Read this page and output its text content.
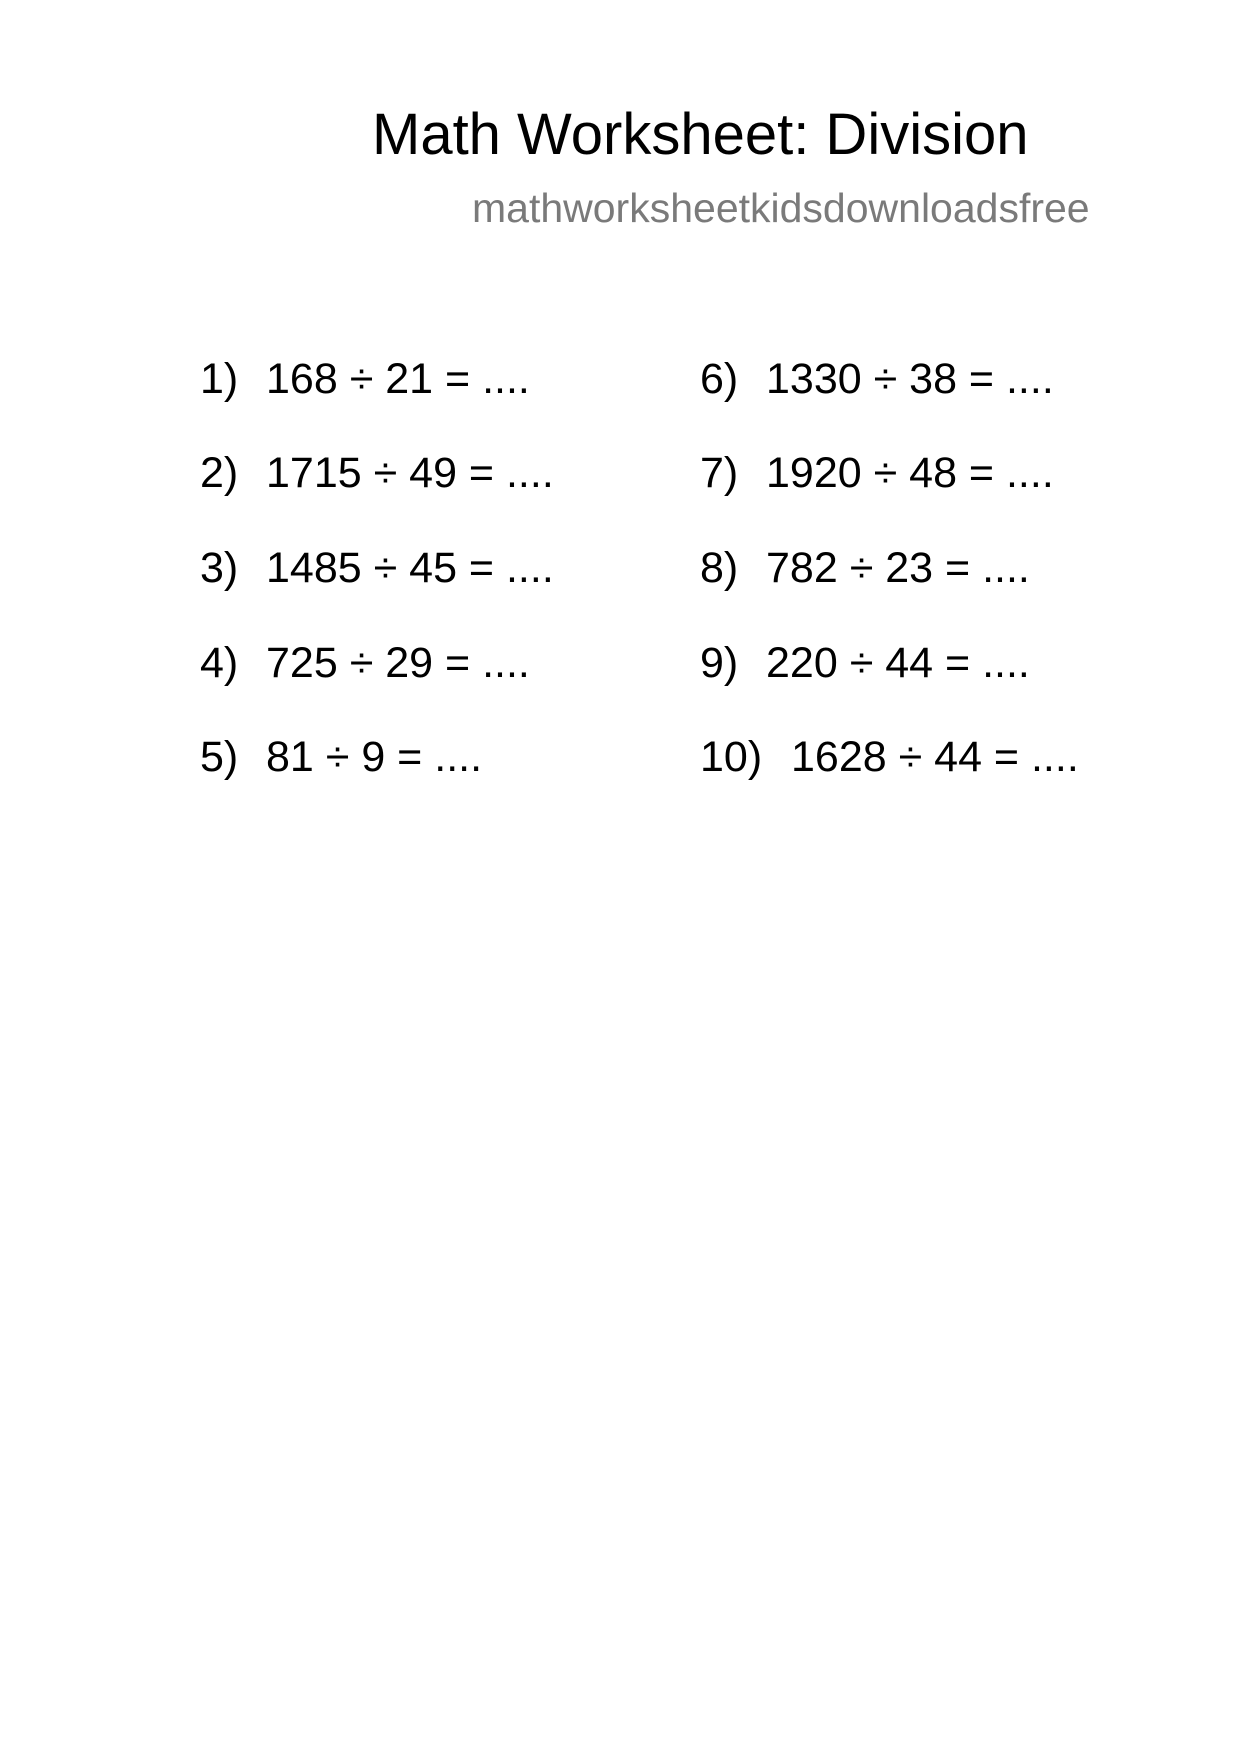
Math Worksheet: Division
mathworksheetkidsdownloadsfree
1) 168 ÷ 21 = ....
2) 1715 ÷ 49 = ....
3) 1485 ÷ 45 = ....
4) 725 ÷ 29 = ....
5) 81 ÷ 9 = ....
6) 1330 ÷ 38 = ....
7) 1920 ÷ 48 = ....
8) 782 ÷ 23 = ....
9) 220 ÷ 44 = ....
10) 1628 ÷ 44 = ....
